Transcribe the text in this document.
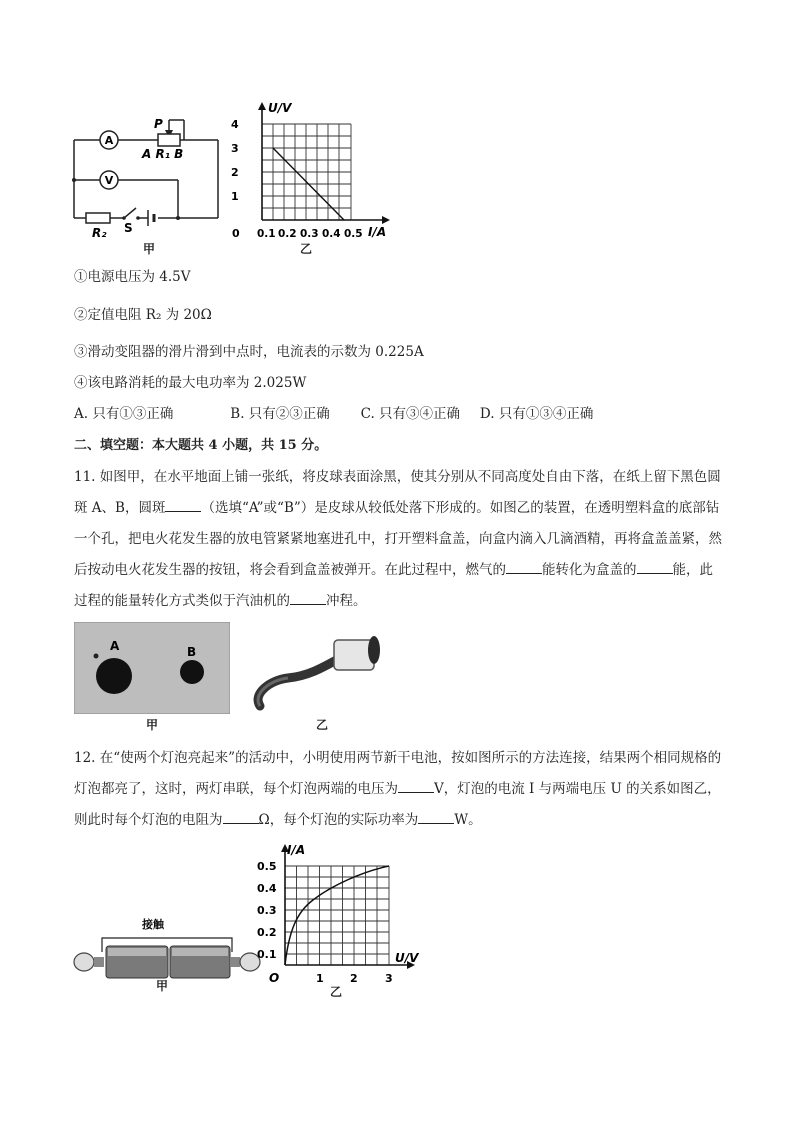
A
V
P
A R₁ B
R₂ S
甲
U/V
I/A
0
4
3
2
1
0.1 0.2 0.3 0.4 0.5
乙
①电源电压为 4.5V
②定值电阻 R₂ 为 20Ω
③滑动变阻器的滑片滑到中点时，电流表的示数为 0.225A
④该电路消耗的最大电功率为 2.025W
A. 只有①③正确	B. 只有②③正确 C. 只有③④正确 D. 只有①③④正确
二、填空题：本大题共 4 小题，共 15 分。
11. 如图甲，在水平地面上铺一张纸，将皮球表面涂黑，使其分别从不同高度处自由下落，在纸上留下黑色圆斑 A、B，圆斑	（选填“A”或“B”）是皮球从较低处落下形成的。如图乙的装置，在透明塑料盒的底部钻一个孔，把电火花发生器的放电管紧紧地塞进孔中，打开塑料盒盖，向盒内滴入几滴酒精，再将盒盖盖紧，然后按动电火花发生器的按钮，将会看到盒盖被弹开。在此过程中，燃气的	能转化为盒盖的	能，此过程的能量转化方式类似于汽油机的	冲程。
A	B
甲	乙
12. 在“使两个灯泡亮起来”的活动中，小明使用两节新干电池，按如图所示的方法连接，结果两个相同规格的灯泡都亮了，这时，两灯串联，每个灯泡两端的电压为	V，灯泡的电流 I 与两端电压 U 的关系如图乙，则此时每个灯泡的电阻为	Ω，每个灯泡的实际功率为	W。
接触
甲
I/A
U/V
O
0.5
0.4
0.3
0.2
0.1
1 2 3
乙
